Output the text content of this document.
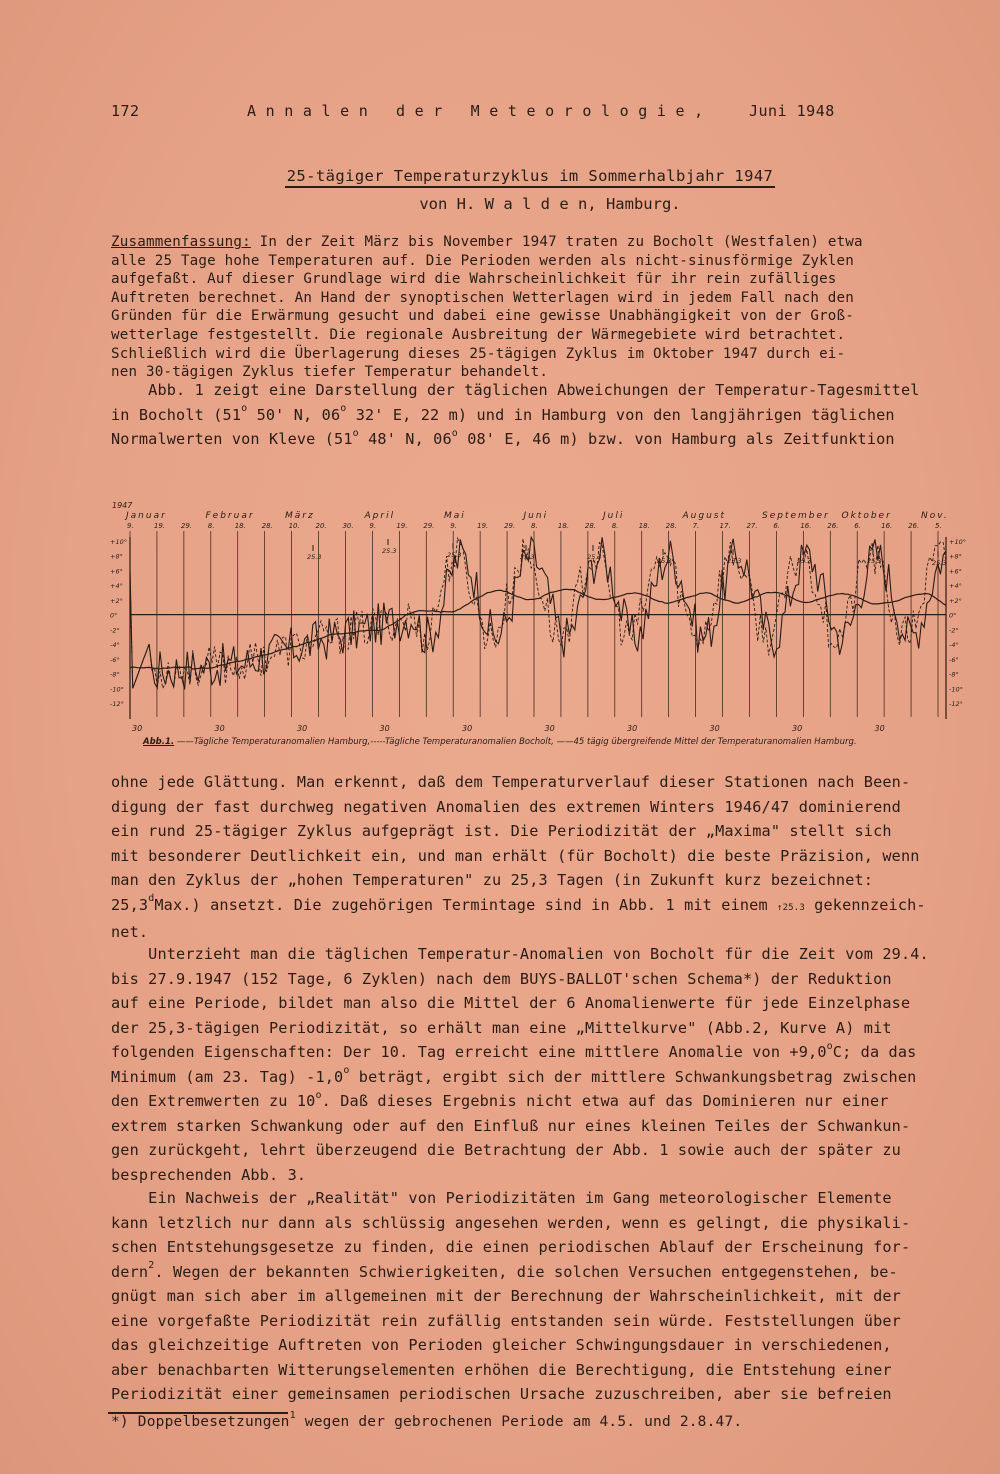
172	Annalen der Meteorologie, Juni 1948
25-tägiger Temperaturzyklus im Sommerhalbjahr 1947
von H. W a l d e n, Hamburg.
Zusammenfassung: In der Zeit März bis November 1947 traten zu Bocholt (Westfalen) etwa
alle 25 Tage hohe Temperaturen auf. Die Perioden werden als nicht-sinusförmige Zyklen
aufgefaßt. Auf dieser Grundlage wird die Wahrscheinlichkeit für ihr rein zufälliges
Auftreten berechnet. An Hand der synoptischen Wetterlagen wird in jedem Fall nach den
Gründen für die Erwärmung gesucht und dabei eine gewisse Unabhängigkeit von der Groß-
wetterlage festgestellt. Die regionale Ausbreitung der Wärmegebiete wird betrachtet.
Schließlich wird die Überlagerung dieses 25-tägigen Zyklus im Oktober 1947 durch ei-
nen 30-tägigen Zyklus tiefer Temperatur behandelt.
Abb. 1 zeigt eine Darstellung der täglichen Abweichungen der Temperatur-Tagesmittel
in Bocholt (51$^o$ 50' N, 06$^o$ 32' E, 22 m) und in Hamburg von den langjährigen täglichen
Normalwerten von Kleve (51$^o$ 48' N, 06$^o$ 08' E, 46 m) bzw. von Hamburg als Zeitfunktion
1947
Januar	Februar	März	April	Mai	Juni	Juli	August	September Oktober	Nov.
9.	19. 29. 8.	18. 28. 10. 20. 30. 9.	19. 29. 9.	19. 29. 8.	18. 28. 8.	18. 28. 7.	17. 27. 6.	16. 26. 6.	16. 26. 5.
+10°	+10°
+8°	+8°
+6°	+6°
+4°	+4°
+2°	+2°
0°	0°
-2°	-2°
-4°	-4°
-6°	-6°
-8°	-8°
-10°	-10°
-12°	-12°
30	30	30	30	30	30	30	30	30	30
25.3
25.3	25.3	25.3	25.3	25.3	25.3	25.3	25.3	25.3
Abb.1. ——Tägliche Temperaturanomalien Hamburg,-----Tägliche Temperaturanomalien Bocholt, ——45 tägig übergreifende Mittel der Temperaturanomalien Hamburg.
ohne jede Glättung. Man erkennt, daß dem Temperaturverlauf dieser Stationen nach Been-
digung der fast durchweg negativen Anomalien des extremen Winters 1946/47 dominierend
ein rund 25-tägiger Zyklus aufgeprägt ist. Die Periodizität der „Maxima" stellt sich
mit besonderer Deutlichkeit ein, und man erhält (für Bocholt) die beste Präzision, wenn
man den Zyklus der „hohen Temperaturen" zu 25,3 Tagen (in Zukunft kurz bezeichnet:
25,3$^d$Max.) ansetzt. Die zugehörigen Termintage sind in Abb. 1 mit einem ↑25.3 gekennzeich-
net.
Unterzieht man die täglichen Temperatur-Anomalien von Bocholt für die Zeit vom 29.4.
bis 27.9.1947 (152 Tage, 6 Zyklen) nach dem BUYS-BALLOT'schen Schema*) der Reduktion
auf eine Periode, bildet man also die Mittel der 6 Anomalienwerte für jede Einzelphase
der 25,3-tägigen Periodizität, so erhält man eine „Mittelkurve" (Abb.2, Kurve A) mit
folgenden Eigenschaften: Der 10. Tag erreicht eine mittlere Anomalie von $+9,0^oC$; da das
Minimum (am 23. Tag) -1,0$^o$ beträgt, ergibt sich der mittlere Schwankungsbetrag zwischen
den Extremwerten zu 10$^o$. Daß dieses Ergebnis nicht etwa auf das Dominieren nur einer
extrem starken Schwankung oder auf den Einfluß nur eines kleinen Teiles der Schwankun-
gen zurückgeht, lehrt überzeugend die Betrachtung der Abb. 1 sowie auch der später zu
besprechenden Abb. 3.
Ein Nachweis der „Realität" von Periodizitäten im Gang meteorologischer Elemente
kann letzlich nur dann als schlüssig angesehen werden, wenn es gelingt, die physikali-
schen Entstehungsgesetze zu finden, die einen periodischen Ablauf der Erscheinung for-
dern$^2$. Wegen der bekannten Schwierigkeiten, die solchen Versuchen entgegenstehen, be-
gnügt man sich aber im allgemeinen mit der Berechnung der Wahrscheinlichkeit, mit der
eine vorgefaßte Periodizität rein zufällig entstanden sein würde. Feststellungen über
das gleichzeitige Auftreten von Perioden gleicher Schwingungsdauer in verschiedenen,
aber benachbarten Witterungselementen erhöhen die Berechtigung, die Entstehung einer
Periodizität einer gemeinsamen periodischen Ursache zuzuschreiben, aber sie befreien
*) Doppelbesetzungen$^1$ wegen der gebrochenen Periode am 4.5. und 2.8.47.
